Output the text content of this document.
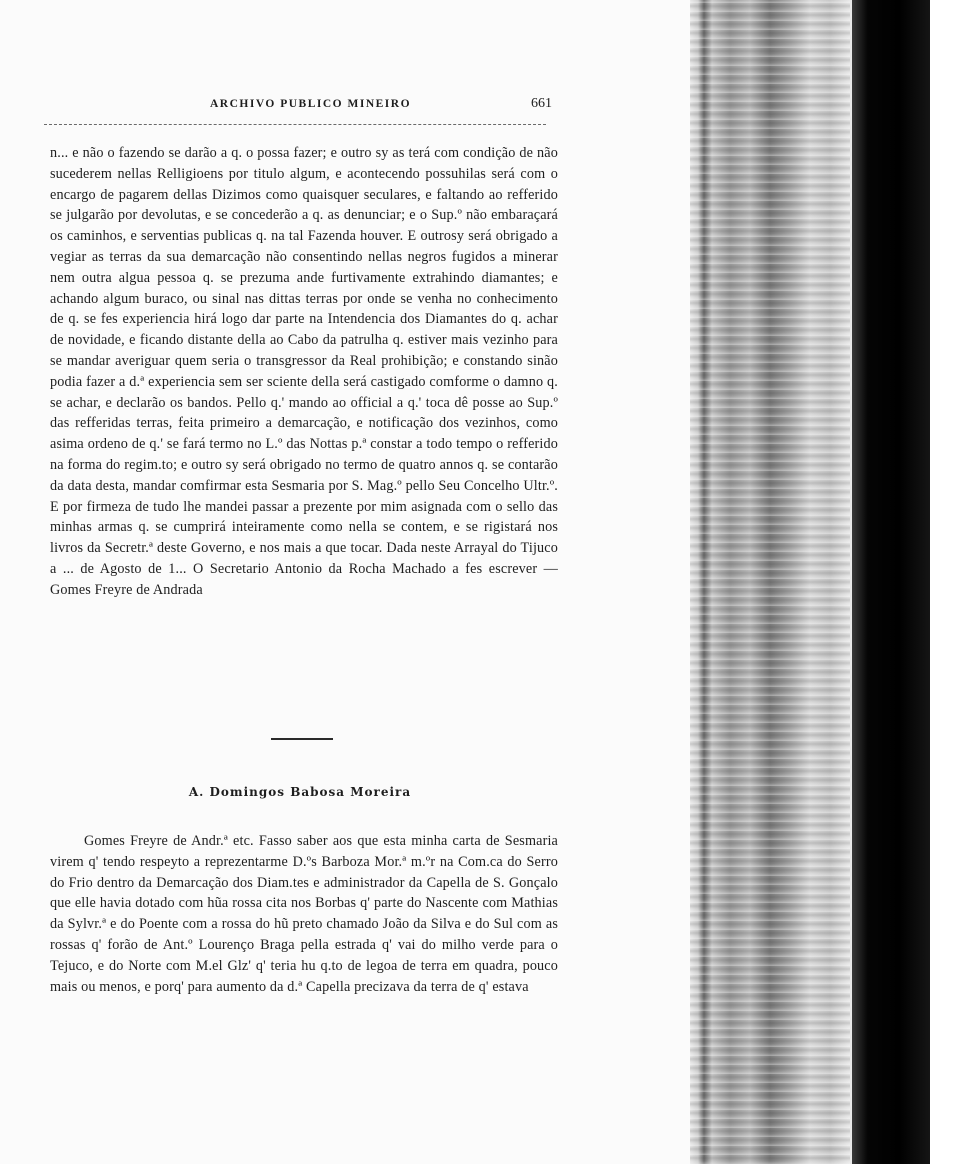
ARCHIVO PUBLICO MINEIRO	661
n... e não o fazendo se darão a q. o possa fazer; e outro sy as terá com condição de não sucederem nellas Relligioens por titulo algum, e acontecendo possuhilas será com o encargo de pagarem dellas Dizimos como quaisquer seculares, e faltando ao refferido se julgarão por devolutas, e se concederão a q. as denunciar; e o Sup.º não embaraçará os caminhos, e serventias publicas q. na tal Fazenda houver. E outrosy será obrigado a vegiar as terras da sua demarcação não consentindo nellas negros fugidos a minerar nem outra algua pessoa q. se prezuma ande furtivamente extrahindo diamantes; e achando algum buraco, ou sinal nas dittas terras por onde se venha no conhecimento de q. se fes experiencia hirá logo dar parte na Intendencia dos Diamantes do q. achar de novidade, e ficando distante della ao Cabo da patrulha q. estiver mais vezinho para se mandar averiguar quem seria o transgressor da Real prohibição; e constando sinão podia fazer a d.ª experiencia sem ser sciente della será castigado comforme o damno q. se achar, e declarão os bandos. Pello q.' mando ao official a q.' toca dê posse ao Sup.º das refferidas terras, feita primeiro a demarcação, e notificação dos vezinhos, como asima ordeno de q.' se fará termo no L.º das Nottas p.ª constar a todo tempo o refferido na forma do regim.to; e outro sy será obrigado no termo de quatro annos q. se contarão da data desta, mandar comfirmar esta Sesmaria por S. Mag.º pello Seu Concelho Ultr.º. E por firmeza de tudo lhe mandei passar a prezente por mim asignada com o sello das minhas armas q. se cumprirá inteiramente como nella se contem, e se rigistará nos livros da Secretr.ª deste Governo, e nos mais a que tocar. Dada neste Arrayal do Tijuco a ... de Agosto de 1... O Secretario Antonio da Rocha Machado a fes escrever — Gomes Freyre de Andrada
A. Domingos Babosa Moreira
Gomes Freyre de Andr.ª etc. Fasso saber aos que esta minha carta de Sesmaria virem q' tendo respeyto a reprezentarme D.ºs Barboza Mor.ª m.ºr na Com.ca do Serro do Frio dentro da Demarcação dos Diam.tes e administrador da Capella de S. Gonçalo que elle havia dotado com hũa rossa cita nos Borbas q' parte do Nascente com Mathias da Sylvr.ª e do Poente com a rossa do hũ preto chamado João da Silva e do Sul com as rossas q' forão de Ant.º Lourenço Braga pella estrada q' vai do milho verde para o Tejuco, e do Norte com M.el Glz' q' teria hu q.to de legoa de terra em quadra, pouco mais ou menos, e porq' para aumento da d.ª Capella precizava da terra de q' estava
